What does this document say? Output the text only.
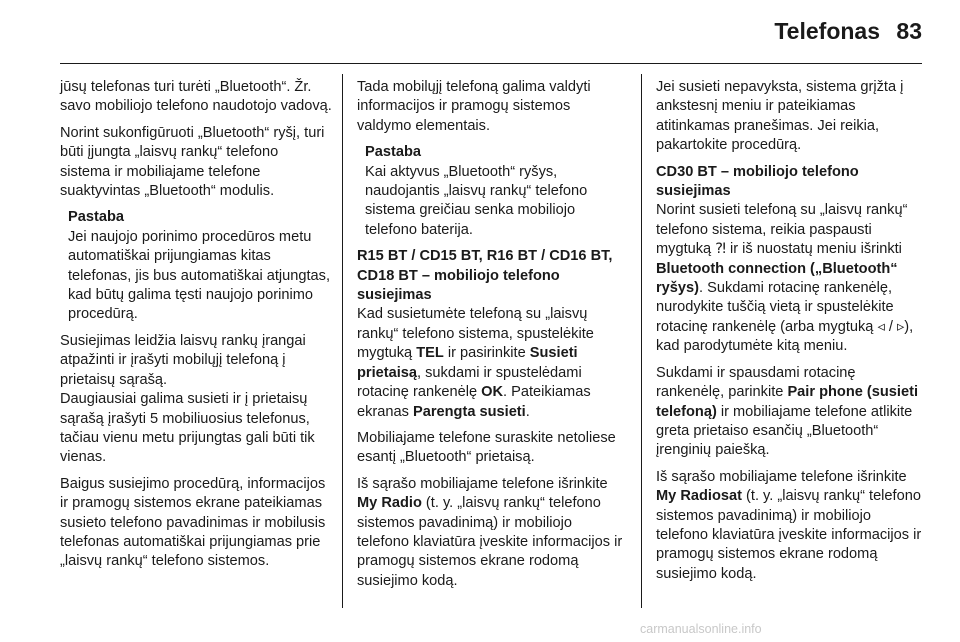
Telefonas 83

jūsų telefonas turi turėti „Bluetooth“. Žr. savo mobiliojo telefono naudotojo vadovą.

Norint sukonfigūruoti „Bluetooth“ ryšį, turi būti įjungta „laisvų rankų“ telefono sistema ir mobiliajame telefone suaktyvintas „Bluetooth“ modulis.

Pastaba
Jei naujojo porinimo procedūros metu automatiškai prijungiamas kitas telefonas, jis bus automatiškai atjungtas, kad būtų galima tęsti naujojo porinimo procedūrą.

Susiejimas leidžia laisvų rankų įrangai atpažinti ir įrašyti mobilųjį telefoną į prietaisų sąrašą.

Daugiausiai galima susieti ir į prietaisų sąrašą įrašyti 5 mobiliuosius telefonus, tačiau vienu metu prijungtas gali būti tik vienas.

Baigus susiejimo procedūrą, informacijos ir pramogų sistemos ekrane pateikiamas susieto telefono pavadinimas ir mobilusis telefonas automatiškai prijungiamas prie „laisvų rankų“ telefono sistemos.

Tada mobilųjį telefoną galima valdyti informacijos ir pramogų sistemos valdymo elementais.

Pastaba
Kai aktyvus „Bluetooth“ ryšys, naudojantis „laisvų rankų“ telefono sistema greičiau senka mobiliojo telefono baterija.
R15 BT / CD15 BT, R16 BT / CD16 BT, CD18 BT – mobiliojo telefono susiejimas

Kad susietumėte telefoną su „laisvų rankų“ telefono sistema, spustelėkite mygtuką TEL ir pasirinkite Susieti prietaisą, sukdami ir spustelėdami rotacinę rankenėlę OK. Pateikiamas ekranas Parengta susieti.

Mobiliajame telefone suraskite netoliese esantį „Bluetooth“ prietaisą.

Iš sąrašo mobiliajame telefone išrinkite My Radio (t. y. „laisvų rankų“ telefono sistemos pavadinimą) ir mobiliojo telefono klaviatūra įveskite informacijos ir pramogų sistemos ekrane rodomą susiejimo kodą.

Jei susieti nepavyksta, sistema grįžta į ankstesnį meniu ir pateikiamas atitinkamas pranešimas. Jei reikia, pakartokite procedūrą.

CD30 BT – mobiliojo telefono susiejimas

Norint susieti telefoną su „laisvų rankų“ telefono sistema, reikia paspausti mygtuką ⁈ ir iš nuostatų meniu išrinkti Bluetooth connection („Bluetooth“ ryšys). Sukdami rotacinę rankenėlę, nurodykite tuščią vietą ir spustelėkite rotacinę rankenėlę (arba mygtuką ◃ / ▹), kad parodytumėte kitą meniu.

Sukdami ir spausdami rotacinę rankenėlę, parinkite Pair phone (susieti telefoną) ir mobiliajame telefone atlikite greta prietaiso esančių „Bluetooth“ įrenginių paiešką.

Iš sąrašo mobiliajame telefone išrinkite My Radiosat (t. y. „laisvų rankų“ telefono sistemos pavadinimą) ir mobiliojo telefono klaviatūra įveskite informacijos ir pramogų sistemos ekrane rodomą susiejimo kodą.

carmanualsonline.info
